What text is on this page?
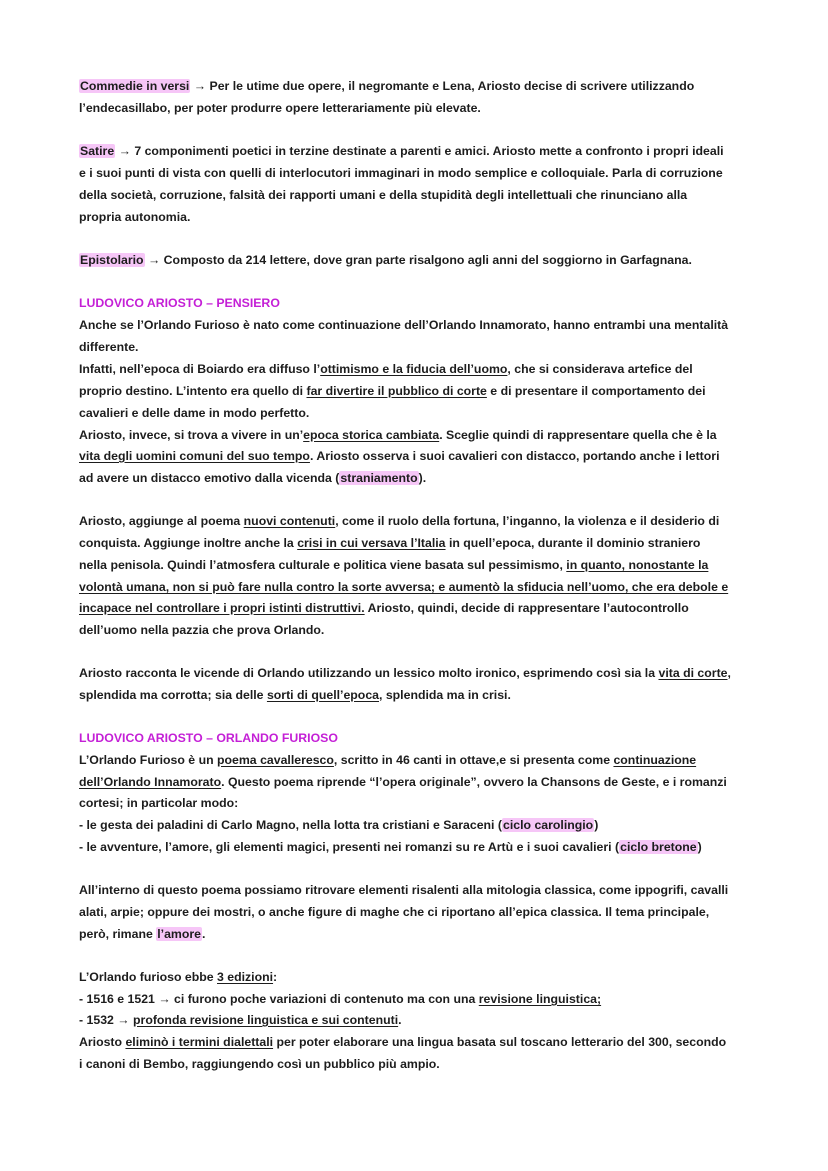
Commedie in versi → Per le utime due opere, il negromante e Lena, Ariosto decise di scrivere utilizzando

l’endecasillabo, per poter produrre opere letterariamente più elevate.

Satire → 7 componimenti poetici in terzine destinate a parenti e amici. Ariosto mette a confronto i propri ideali

e i suoi punti di vista con quelli di interlocutori immaginari in modo semplice e colloquiale. Parla di corruzione

della società, corruzione, falsità dei rapporti umani e della stupidità degli intellettuali che rinunciano alla

propria autonomia.

Epistolario → Composto da 214 lettere, dove gran parte risalgono agli anni del soggiorno in Garfagnana.

LUDOVICO ARIOSTO – PENSIERO

Anche se l’Orlando Furioso è nato come continuazione dell’Orlando Innamorato, hanno entrambi una mentalità

differente.

Infatti, nell’epoca di Boiardo era diffuso l’ottimismo e la fiducia dell’uomo, che si considerava artefice del

proprio destino. L’intento era quello di far divertire il pubblico di corte e di presentare il comportamento dei

cavalieri e delle dame in modo perfetto.

Ariosto, invece, si trova a vivere in un’epoca storica cambiata. Sceglie quindi di rappresentare quella che è la

vita degli uomini comuni del suo tempo. Ariosto osserva i suoi cavalieri con distacco, portando anche i lettori

ad avere un distacco emotivo dalla vicenda (straniamento).

Ariosto, aggiunge al poema nuovi contenuti, come il ruolo della fortuna, l’inganno, la violenza e il desiderio di

conquista. Aggiunge inoltre anche la crisi in cui versava l’Italia in quell’epoca, durante il dominio straniero

nella penisola. Quindi l’atmosfera culturale e politica viene basata sul pessimismo, in quanto, nonostante la

volontà umana, non si può fare nulla contro la sorte avversa; e aumentò la sfiducia nell’uomo, che era debole e

incapace nel controllare i propri istinti distruttivi. Ariosto, quindi, decide di rappresentare l’autocontrollo

dell’uomo nella pazzia che prova Orlando.

Ariosto racconta le vicende di Orlando utilizzando un lessico molto ironico, esprimendo così sia la vita di corte,

splendida ma corrotta; sia delle sorti di quell’epoca, splendida ma in crisi.

LUDOVICO ARIOSTO – ORLANDO FURIOSO

L’Orlando Furioso è un poema cavalleresco, scritto in 46 canti in ottave,e si presenta come continuazione

dell’Orlando Innamorato. Questo poema riprende “l’opera originale”, ovvero la Chansons de Geste, e i romanzi

cortesi; in particolar modo:

- le gesta dei paladini di Carlo Magno, nella lotta tra cristiani e Saraceni (ciclo carolingio)

- le avventure, l’amore, gli elementi magici, presenti nei romanzi su re Artù e i suoi cavalieri (ciclo bretone)

All’interno di questo poema possiamo ritrovare elementi risalenti alla mitologia classica, come ippogrifi, cavalli

alati, arpie; oppure dei mostri, o anche figure di maghe che ci riportano all’epica classica. Il tema principale,

però, rimane l’amore.

L’Orlando furioso ebbe 3 edizioni:

- 1516 e 1521 → ci furono poche variazioni di contenuto ma con una revisione linguistica;

- 1532 → profonda revisione linguistica e sui contenuti.

Ariosto eliminò i termini dialettali per poter elaborare una lingua basata sul toscano letterario del 300, secondo

i canoni di Bembo, raggiungendo così un pubblico più ampio.
